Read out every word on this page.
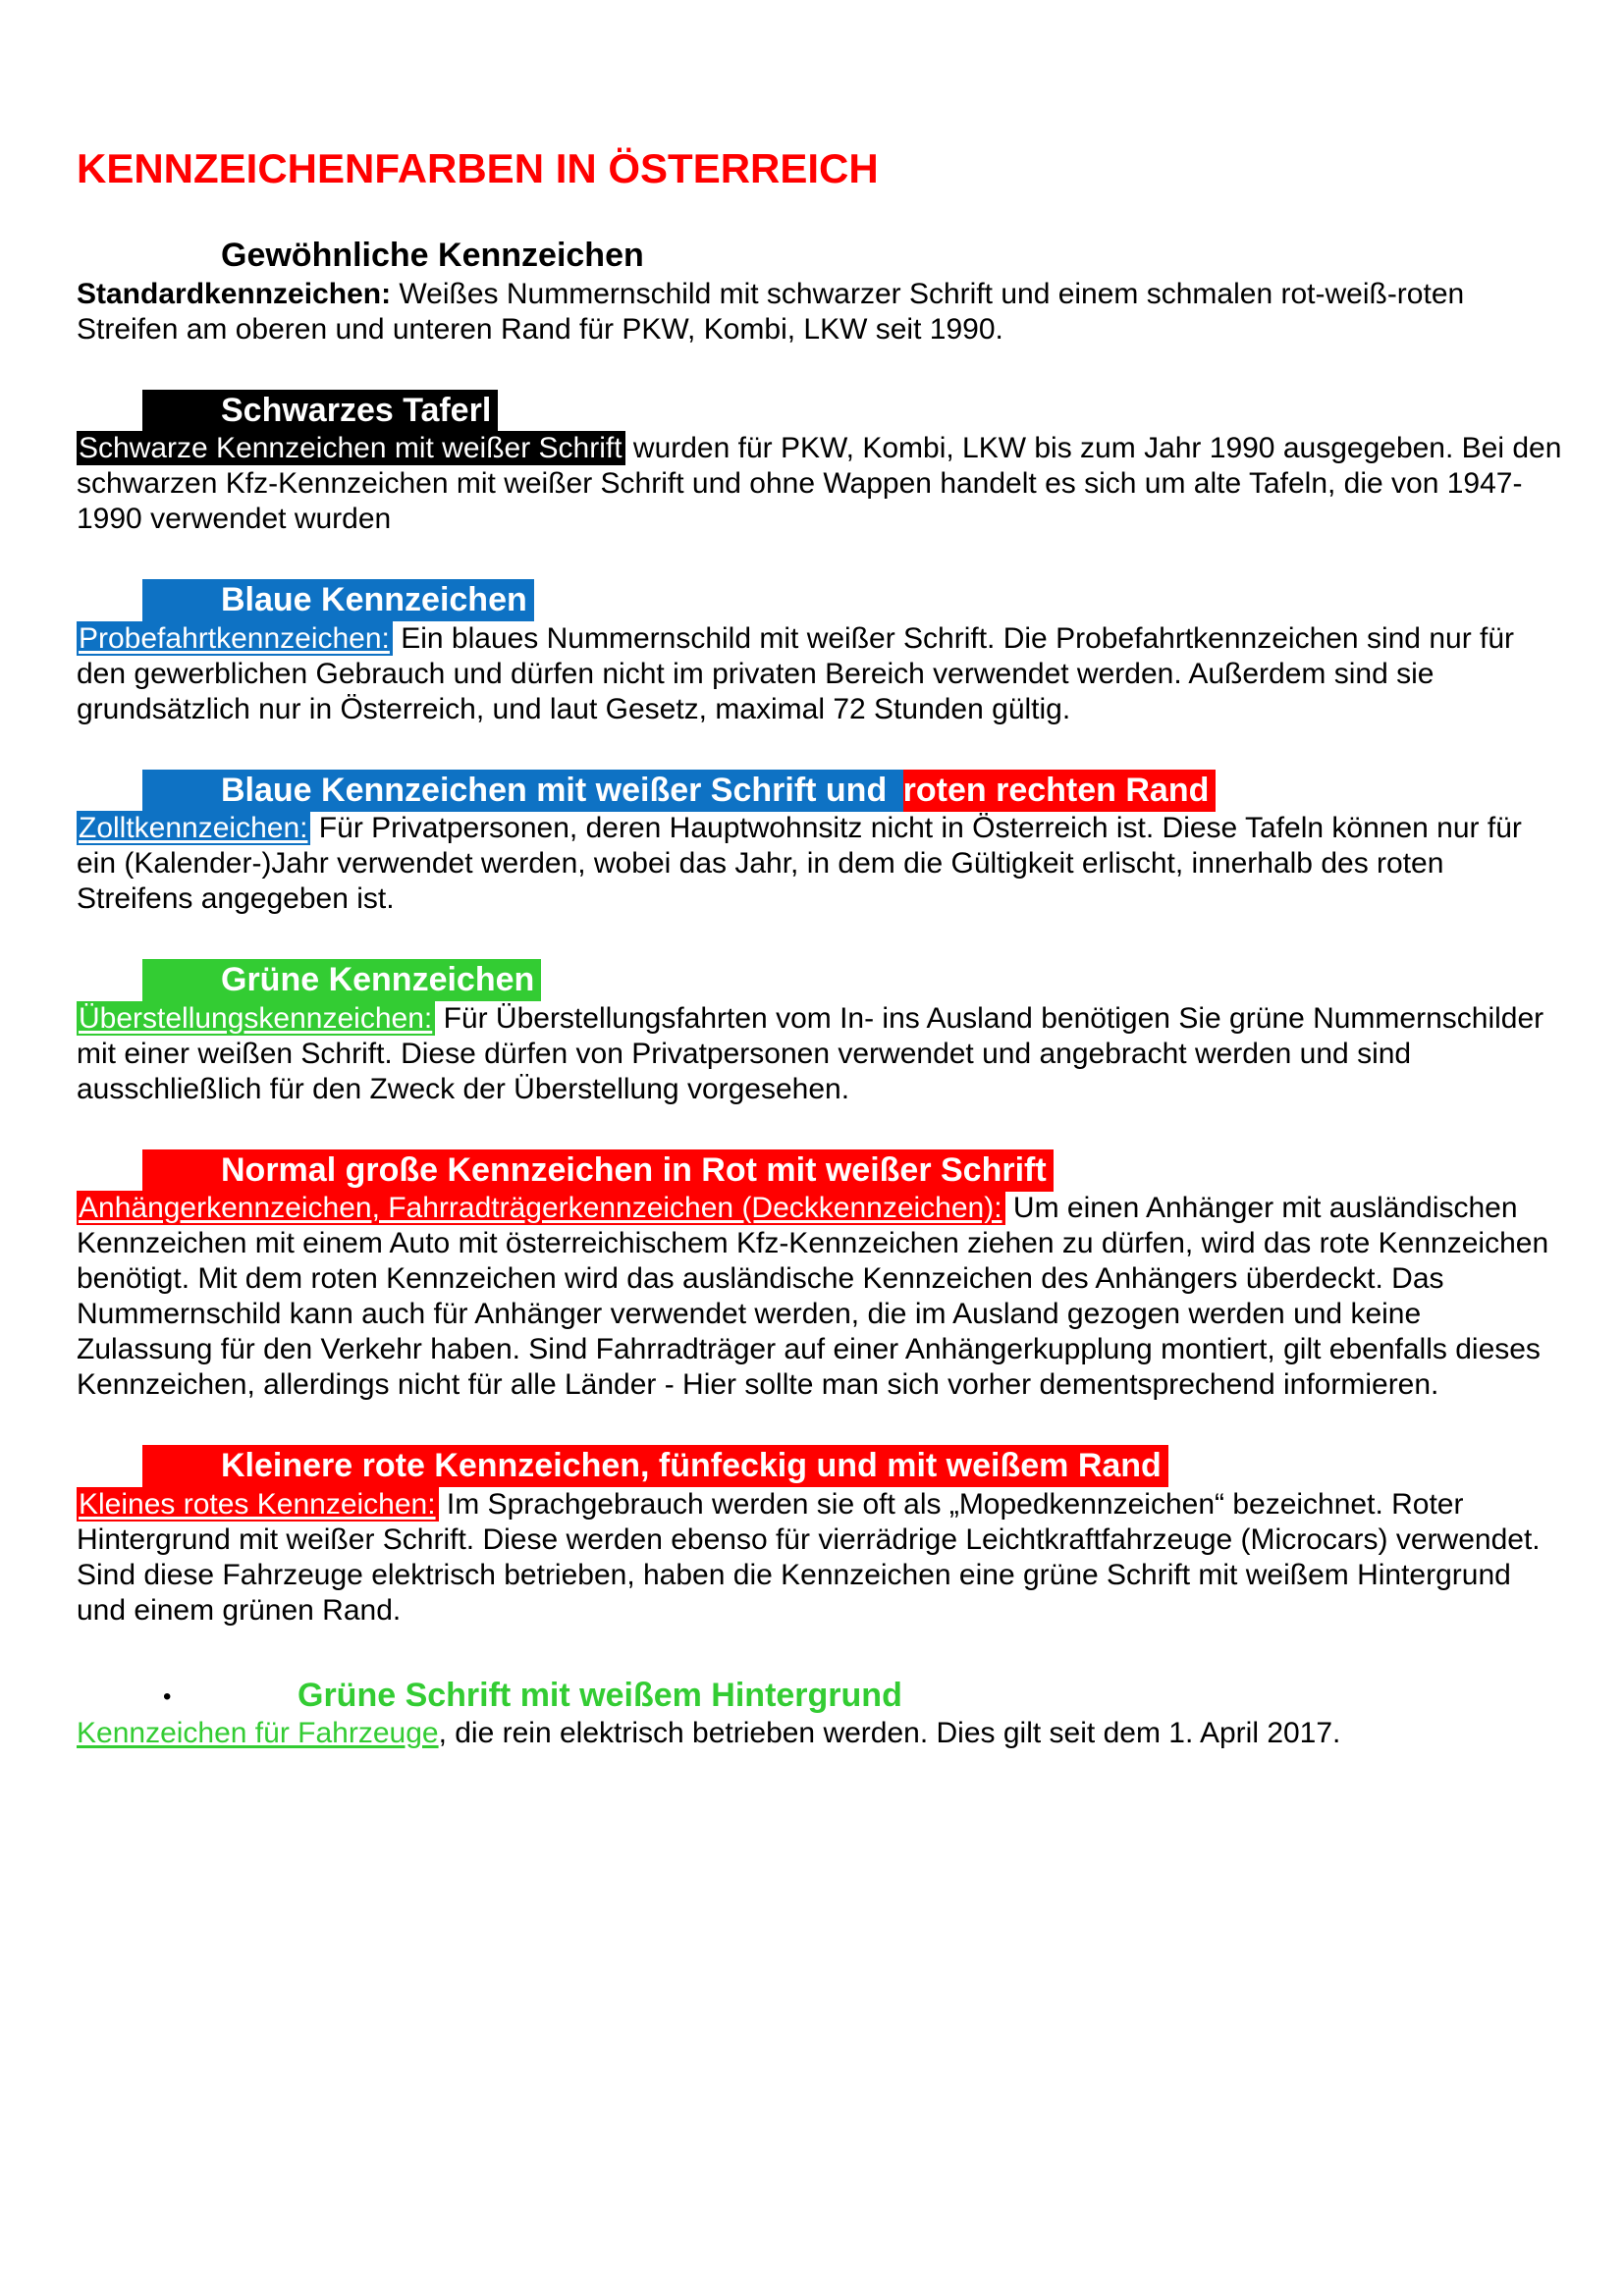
KENNZEICHENFARBEN IN ÖSTERREICH
Gewöhnliche Kennzeichen

Standardkennzeichen: Weißes Nummernschild mit schwarzer Schrift und einem schmalen rot-weiß-roten Streifen am oberen und unteren Rand für PKW, Kombi, LKW seit 1990.

Schwarzes Taferl

Schwarze Kennzeichen mit weißer Schrift wurden für PKW, Kombi, LKW bis zum Jahr 1990 ausgegeben. Bei den schwarzen Kfz-Kennzeichen mit weißer Schrift und ohne Wappen handelt es sich um alte Tafeln, die von 1947-1990 verwendet wurden

Blaue Kennzeichen

Probefahrtkennzeichen: Ein blaues Nummernschild mit weißer Schrift. Die Probefahrtkennzeichen sind nur für den gewerblichen Gebrauch und dürfen nicht im privaten Bereich verwendet werden. Außerdem sind sie grundsätzlich nur in Österreich, und laut Gesetz, maximal 72 Stunden gültig.

Blaue Kennzeichen mit weißer Schrift und roten rechten Rand

Zolltkennzeichen: Für Privatpersonen, deren Hauptwohnsitz nicht in Österreich ist. Diese Tafeln können nur für ein (Kalender-)Jahr verwendet werden, wobei das Jahr, in dem die Gültigkeit erlischt, innerhalb des roten Streifens angegeben ist.

Grüne Kennzeichen

Überstellungskennzeichen: Für Überstellungsfahrten vom In- ins Ausland benötigen Sie grüne Nummernschilder mit einer weißen Schrift. Diese dürfen von Privatpersonen verwendet und angebracht werden und sind ausschließlich für den Zweck der Überstellung vorgesehen.

Normal große Kennzeichen in Rot mit weißer Schrift

Anhängerkennzeichen, Fahrradträgerkennzeichen (Deckkennzeichen): Um einen Anhänger mit ausländischen Kennzeichen mit einem Auto mit österreichischem Kfz-Kennzeichen ziehen zu dürfen, wird das rote Kennzeichen benötigt. Mit dem roten Kennzeichen wird das ausländische Kennzeichen des Anhängers überdeckt. Das Nummernschild kann auch für Anhänger verwendet werden, die im Ausland gezogen werden und keine Zulassung für den Verkehr haben. Sind Fahrradträger auf einer Anhängerkupplung montiert, gilt ebenfalls dieses Kennzeichen, allerdings nicht für alle Länder - Hier sollte man sich vorher dementsprechend informieren.

Kleinere rote Kennzeichen, fünfeckig und mit weißem Rand

Kleines rotes Kennzeichen: Im Sprachgebrauch werden sie oft als „Mopedkennzeichen“ bezeichnet. Roter Hintergrund mit weißer Schrift. Diese werden ebenso für vierrädrige Leichtkraftfahrzeuge (Microcars) verwendet. Sind diese Fahrzeuge elektrisch betrieben, haben die Kennzeichen eine grüne Schrift mit weißem Hintergrund und einem grünen Rand.

•	Grüne Schrift mit weißem Hintergrund

Kennzeichen für Fahrzeuge, die rein elektrisch betrieben werden. Dies gilt seit dem 1. April 2017.
